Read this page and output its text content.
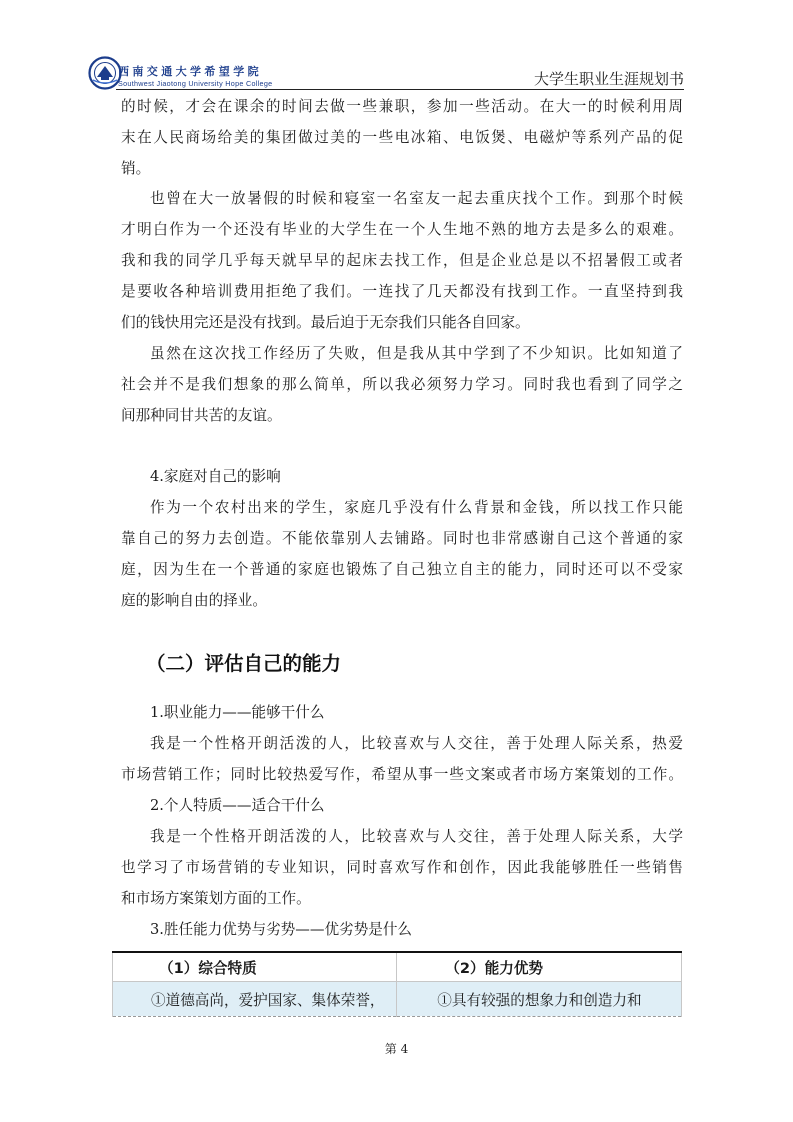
西南交通大学希望学院
Southwest Jiaotong University Hope College	大学生职业生涯规划书
的时候，才会在课余的时间去做一些兼职，参加一些活动。在大一的时候利用周
末在人民商场给美的集团做过美的一些电冰箱、电饭煲、电磁炉等系列产品的促
销。
也曾在大一放暑假的时候和寝室一名室友一起去重庆找个工作。到那个时候
才明白作为一个还没有毕业的大学生在一个人生地不熟的地方去是多么的艰难。
我和我的同学几乎每天就早早的起床去找工作，但是企业总是以不招暑假工或者
是要收各种培训费用拒绝了我们。一连找了几天都没有找到工作。一直坚持到我
们的钱快用完还是没有找到。最后迫于无奈我们只能各自回家。
虽然在这次找工作经历了失败，但是我从其中学到了不少知识。比如知道了
社会并不是我们想象的那么简单，所以我必须努力学习。同时我也看到了同学之
间那种同甘共苦的友谊。
4.家庭对自己的影响
作为一个农村出来的学生，家庭几乎没有什么背景和金钱，所以找工作只能
靠自己的努力去创造。不能依靠别人去铺路。同时也非常感谢自己这个普通的家
庭，因为生在一个普通的家庭也锻炼了自己独立自主的能力，同时还可以不受家
庭的影响自由的择业。
（二）评估自己的能力
1.职业能力——能够干什么
我是一个性格开朗活泼的人，比较喜欢与人交往，善于处理人际关系，热爱
市场营销工作；同时比较热爱写作，希望从事一些文案或者市场方案策划的工作。
2.个人特质——适合干什么
我是一个性格开朗活泼的人，比较喜欢与人交往，善于处理人际关系，大学
也学习了市场营销的专业知识，同时喜欢写作和创作，因此我能够胜任一些销售
和市场方案策划方面的工作。
3.胜任能力优势与劣势——优劣势是什么
（1）综合特质	（2）能力优势
①道德高尚，爱护国家、集体荣誉，	①具有较强的想象力和创造力和
第 4
